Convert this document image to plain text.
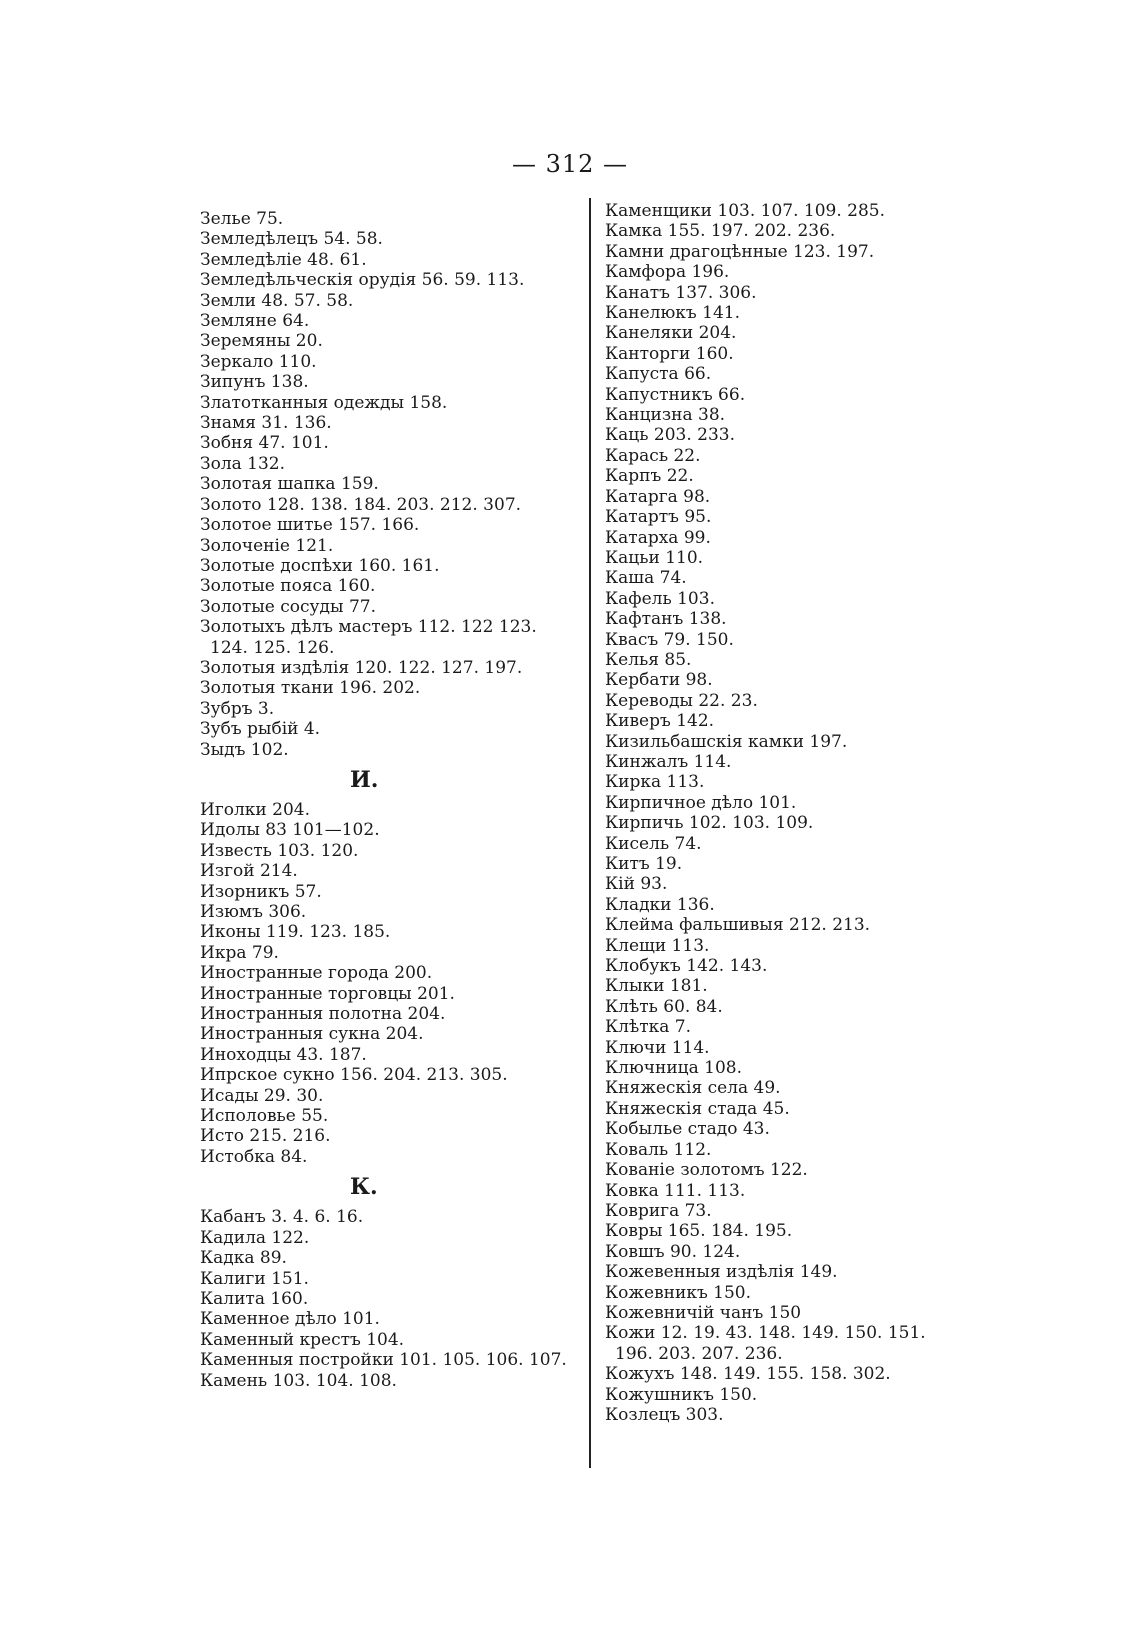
— 312 —
Зелье 75.
Земледѣлецъ 54. 58.
Земледѣліе 48. 61.
Земледѣльческія орудія 56. 59. 113.
Земли 48. 57. 58.
Земляне 64.
Зеремяны 20.
Зеркало 110.
Зипунъ 138.
Златотканныя одежды 158.
Знамя 31. 136.
Зобня 47. 101.
Зола 132.
Золотая шапка 159.
Золото 128. 138. 184. 203. 212. 307.
Золотое шитье 157. 166.
Золоченіе 121.
Золотые доспѣхи 160. 161.
Золотые пояса 160.
Золотые сосуды 77.
Золотыхъ дѣлъ мастеръ 112. 122 123.
124. 125. 126.
Золотыя издѣлія 120. 122. 127. 197.
Золотыя ткани 196. 202.
Зубръ 3.
Зубъ рыбій 4.
Зыдъ 102.
И.
Иголки 204.
Идолы 83 101—102.
Известь 103. 120.
Изгой 214.
Изорникъ 57.
Изюмъ 306.
Иконы 119. 123. 185.
Икра 79.
Иностранные города 200.
Иностранные торговцы 201.
Иностранныя полотна 204.
Иностранныя сукна 204.
Иноходцы 43. 187.
Ипрское сукно 156. 204. 213. 305.
Исады 29. 30.
Исполовье 55.
Исто 215. 216.
Истобка 84.
К.
Кабанъ 3. 4. 6. 16.
Кадила 122.
Кадка 89.
Калиги 151.
Калита 160.
Каменное дѣло 101.
Каменный крестъ 104.
Каменныя постройки 101. 105. 106. 107.
Камень 103. 104. 108.
Каменщики 103. 107. 109. 285.
Камка 155. 197. 202. 236.
Камни драгоцѣнные 123. 197.
Камфора 196.
Канатъ 137. 306.
Канелюкъ 141.
Канеляки 204.
Канторги 160.
Капуста 66.
Капустникъ 66.
Канцизна 38.
Каць 203. 233.
Карась 22.
Карпъ 22.
Катарга 98.
Катартъ 95.
Катарха 99.
Кацьи 110.
Каша 74.
Кафель 103.
Кафтанъ 138.
Квасъ 79. 150.
Келья 85.
Кербати 98.
Кереводы 22. 23.
Киверъ 142.
Кизильбашскія камки 197.
Кинжалъ 114.
Кирка 113.
Кирпичное дѣло 101.
Кирпичь 102. 103. 109.
Кисель 74.
Китъ 19.
Кій 93.
Кладки 136.
Клейма фальшивыя 212. 213.
Клещи 113.
Клобукъ 142. 143.
Клыки 181.
Клѣть 60. 84.
Клѣтка 7.
Ключи 114.
Ключница 108.
Княжескія села 49.
Княжескія стада 45.
Кобылье стадо 43.
Коваль 112.
Кованіе золотомъ 122.
Ковка 111. 113.
Коврига 73.
Ковры 165. 184. 195.
Ковшъ 90. 124.
Кожевенныя издѣлія 149.
Кожевникъ 150.
Кожевничій чанъ 150
Кожи 12. 19. 43. 148. 149. 150. 151.
196. 203. 207. 236.
Кожухъ 148. 149. 155. 158. 302.
Кожушникъ 150.
Козлецъ 303.
